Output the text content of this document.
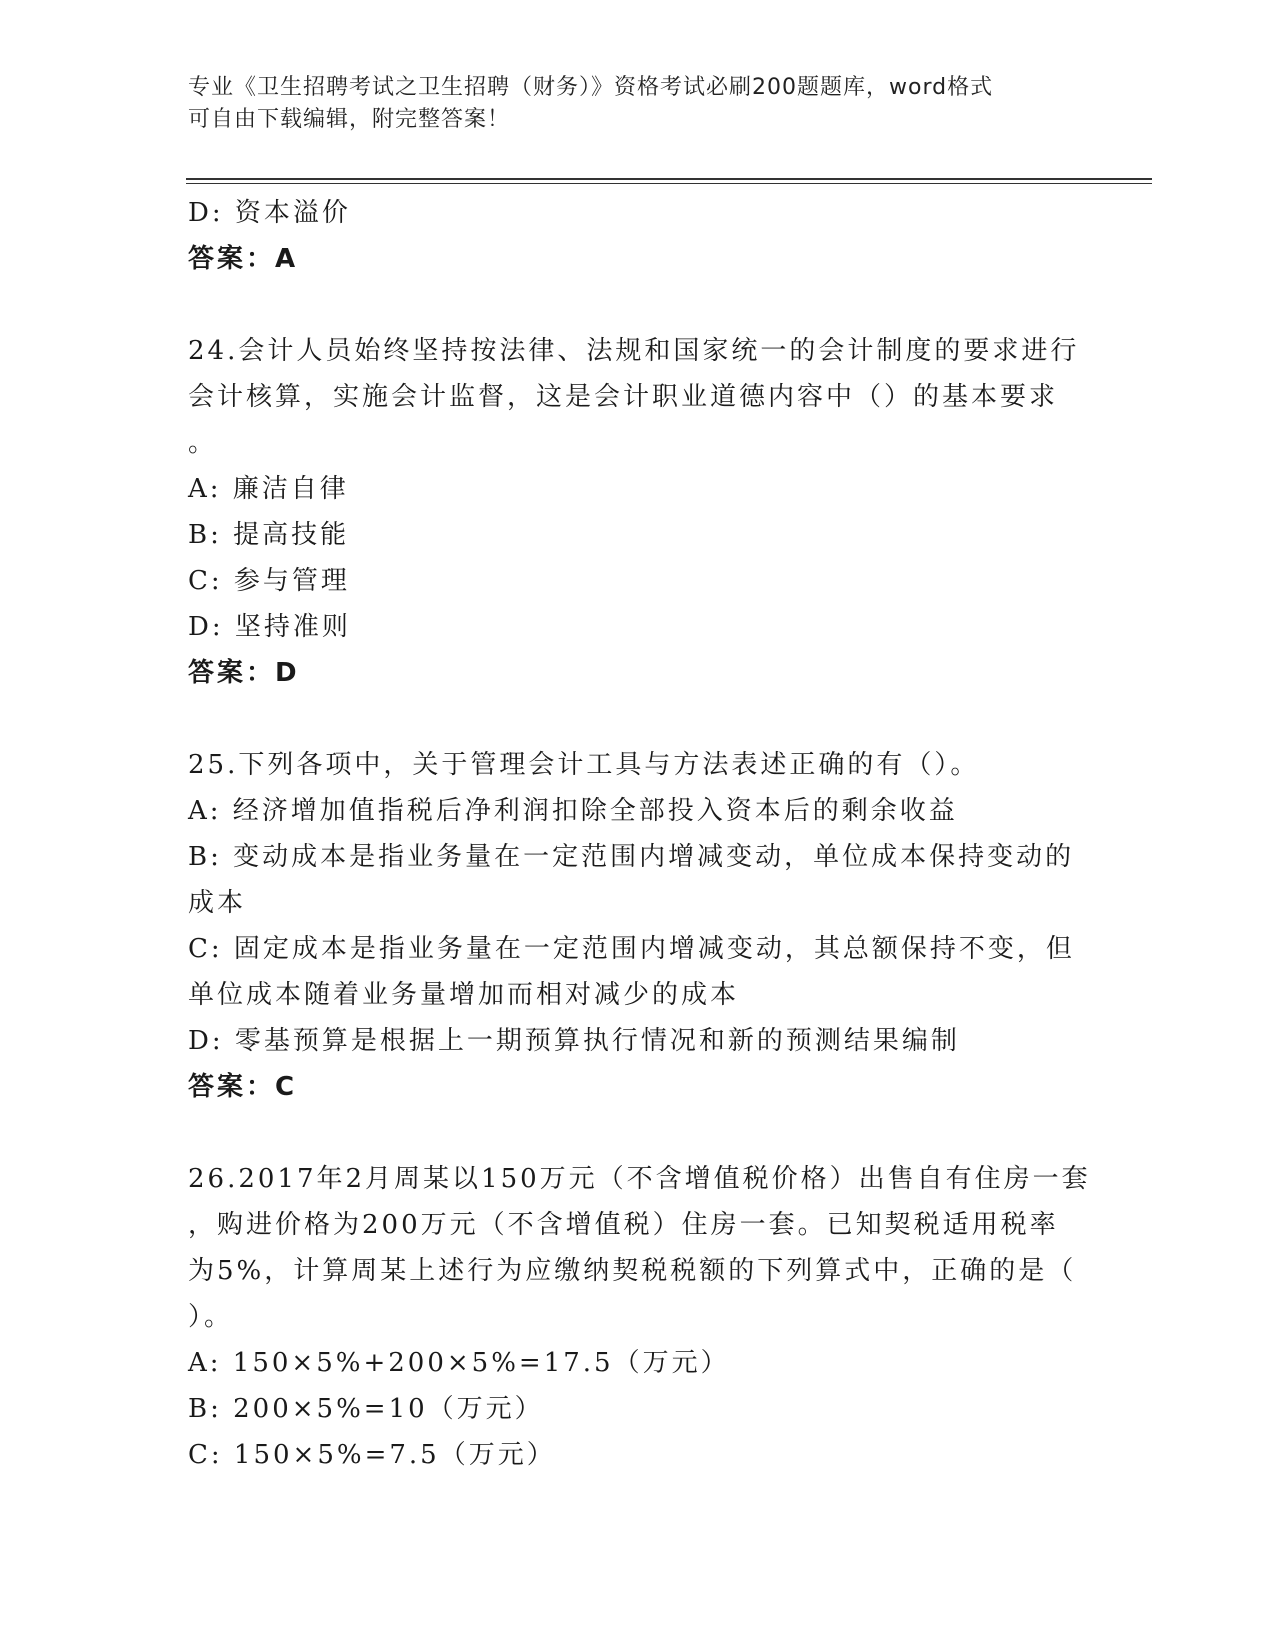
专业《卫生招聘考试之卫生招聘（财务）》资格考试必刷200题题库，word格式
可自由下载编辑，附完整答案！
D: 资本溢价
答案：A
24.会计人员始终坚持按法律、法规和国家统一的会计制度的要求进行
会计核算，实施会计监督，这是会计职业道德内容中（）的基本要求
。
A: 廉洁自律
B: 提高技能
C: 参与管理
D: 坚持准则
答案：D
25.下列各项中，关于管理会计工具与方法表述正确的有（）。
A: 经济增加值指税后净利润扣除全部投入资本后的剩余收益
B: 变动成本是指业务量在一定范围内增减变动，单位成本保持变动的
成本
C: 固定成本是指业务量在一定范围内增减变动，其总额保持不变，但
单位成本随着业务量增加而相对减少的成本
D: 零基预算是根据上一期预算执行情况和新的预测结果编制
答案：C
26.2017年2月周某以150万元（不含增值税价格）出售自有住房一套
，购进价格为200万元（不含增值税）住房一套。已知契税适用税率
为5%，计算周某上述行为应缴纳契税税额的下列算式中，正确的是（
）。
A: 150×5%+200×5%=17.5（万元）
B: 200×5%=10（万元）
C: 150×5%=7.5（万元）
